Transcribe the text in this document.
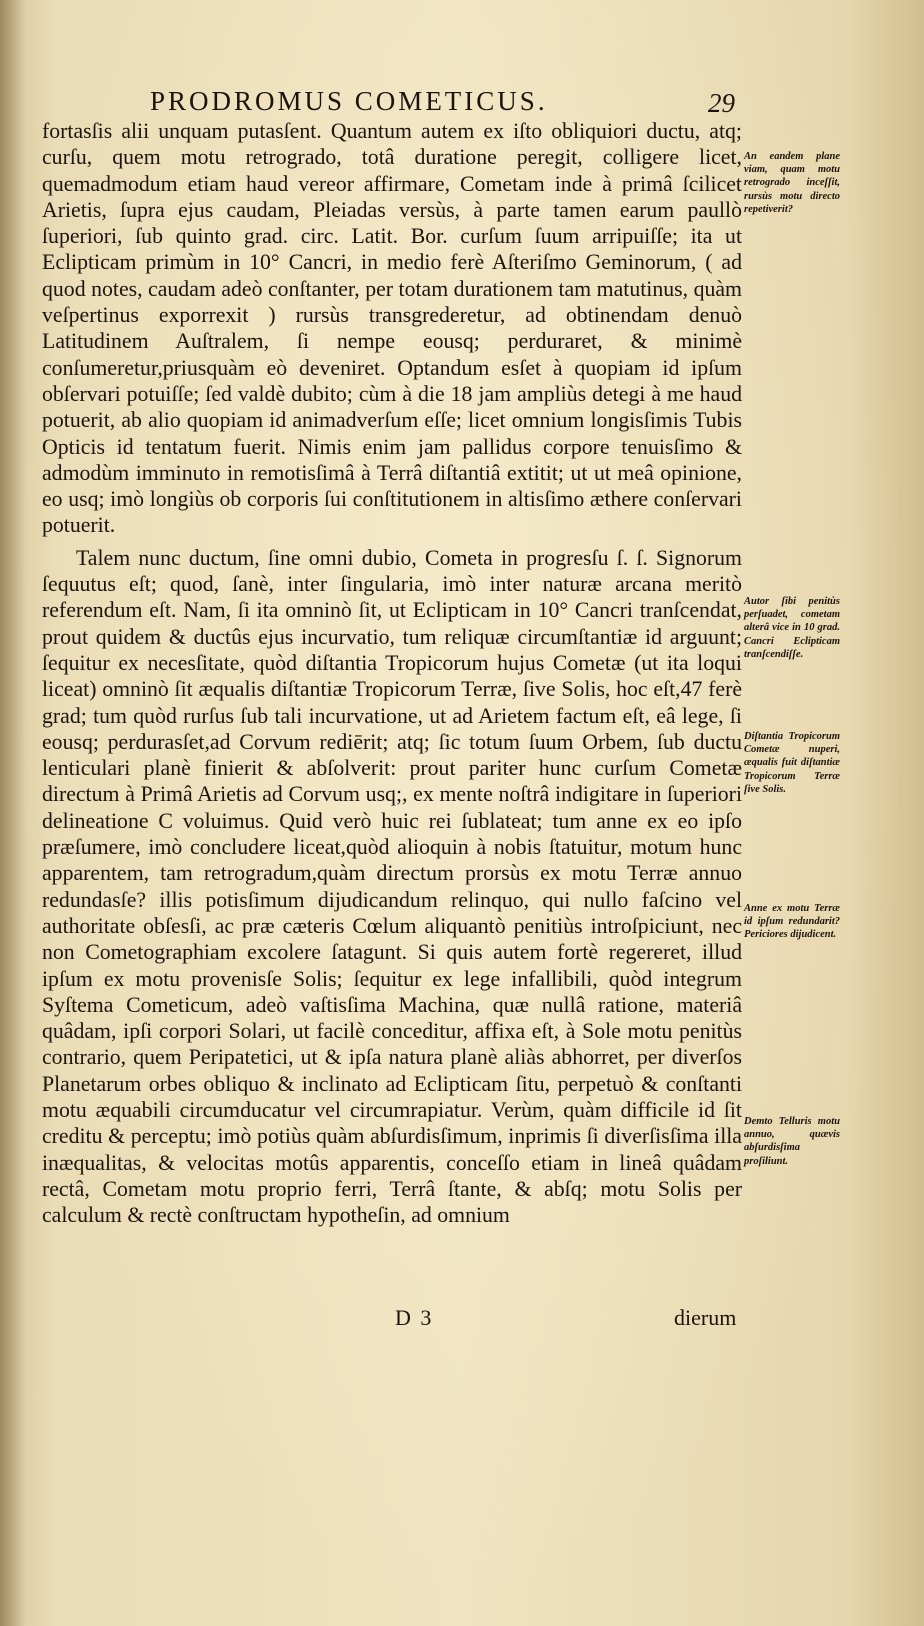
PRODROMUS COMETICUS.	29

fortasſis alii unquam putasſent. Quantum autem ex iſto obliquiori ductu, atq; curſu, quem motu retrogrado, totâ duratione peregit, colligere licet, quemadmodum etiam haud vereor affirmare, Cometam inde à primâ ſcilicet Arietis, ſupra ejus caudam, Pleiadas versùs, à parte tamen earum paullò ſuperiori, ſub quinto grad. circ. Latit. Bor. curſum ſuum arripuiſſe; ita ut Eclipticam primùm in 10° Cancri, in medio ferè Aſteriſmo Geminorum, ( ad quod notes, caudam adeò conſtanter, per totam durationem tam matutinus, quàm veſpertinus exporrexit ) rursùs transgrederetur, ad obtinendam denuò Latitudinem Auſtralem, ſi nempe eousq; perduraret, & minimè conſumeretur,priusquàm eò deveniret. Optandum esſet à quopiam id ipſum obſervari potuiſſe; ſed valdè dubito; cùm à die 18 jam ampliùs detegi à me haud potuerit, ab alio quopiam id animadverſum eſſe; licet omnium longisſimis Tubis Opticis id tentatum fuerit. Nimis enim jam pallidus corpore tenuisſimo & admodùm imminuto in remotisſimâ à Terrâ diſtantiâ extitit; ut ut meâ opinione, eo usq; imò longiùs ob corporis ſui conſtitutionem in altisſimo æthere conſervari potuerit.

Talem nunc ductum, ſine omni dubio, Cometa in progresſu ſ. ſ. Signorum ſequutus eſt; quod, ſanè, inter ſingularia, imò inter naturæ arcana meritò referendum eſt. Nam, ſi ita omninò ſit, ut Eclipticam in 10° Cancri tranſcendat, prout quidem & ductûs ejus incurvatio, tum reliquæ circumſtantiæ id arguunt; ſequitur ex necesſitate, quòd diſtantia Tropicorum hujus Cometæ (ut ita loqui liceat) omninò ſit æqualis diſtantiæ Tropicorum Terræ, ſive Solis, hoc eſt,47 ferè grad; tum quòd rurſus ſub tali incurvatione, ut ad Arietem factum eſt, eâ lege, ſi eousq; perdurasſet,ad Corvum rediērit; atq; ſic totum ſuum Orbem, ſub ductu lenticulari planè finierit & abſolverit: prout pariter hunc curſum Cometæ directum à Primâ Arietis ad Corvum usq;, ex mente noſtrâ indigitare in ſuperiori delineatione C voluimus. Quid verò huic rei ſublateat; tum anne ex eo ipſo præſumere, imò concludere liceat,quòd alioquin à nobis ſtatuitur, motum hunc apparentem, tam retrogradum,quàm directum prorsùs ex motu Terræ annuo redundasſe? illis potisſimum dijudicandum relinquo, qui nullo faſcino vel authoritate obſesſi, ac præ cæteris Cœlum aliquantò penitiùs introſpiciunt, nec non Cometographiam excolere ſatagunt. Si quis autem fortè regereret, illud ipſum ex motu provenisſe Solis; ſequitur ex lege infallibili, quòd integrum Syſtema Cometicum, adeò vaſtisſima Machina, quæ nullâ ratione, materiâ quâdam, ipſi corpori Solari, ut facilè conceditur, affixa eſt, à Sole motu penitùs contrario, quem Peripatetici, ut & ipſa natura planè aliàs abhorret, per diverſos Planetarum orbes obliquo & inclinato ad Eclipticam ſitu, perpetuò & conſtanti motu æquabili circumducatur vel circumrapiatur. Verùm, quàm difficile id ſit creditu & perceptu; imò potiùs quàm abſurdisſimum, inprimis ſi diverſisſima illa inæqualitas, & velocitas motûs apparentis, conceſſo etiam in lineâ quâdam rectâ, Cometam motu proprio ferri, Terrâ ſtante, & abſq; motu Solis per calculum & rectè conſtructam hypotheſin, ad omnium

An eandem plane viam, quam motu retrogrado inceſſit, rursùs motu directo repetiverit?
Autor ſibi penitùs perſuadet, cometam alterâ vice in 10 grad. Cancri Eclipticam tranſcendiſſe.
Diſtantia Tropicorum Cometæ nuperi, æqualis fuit diſtantiæ Tropicorum Terræ ſive Solis.
Anne ex motu Terræ id ipſum redundarit? Periciores dijudicent.
Demto Telluris motu annuo, quævis abſurdisſima proſiliunt.
D 3	dierum
